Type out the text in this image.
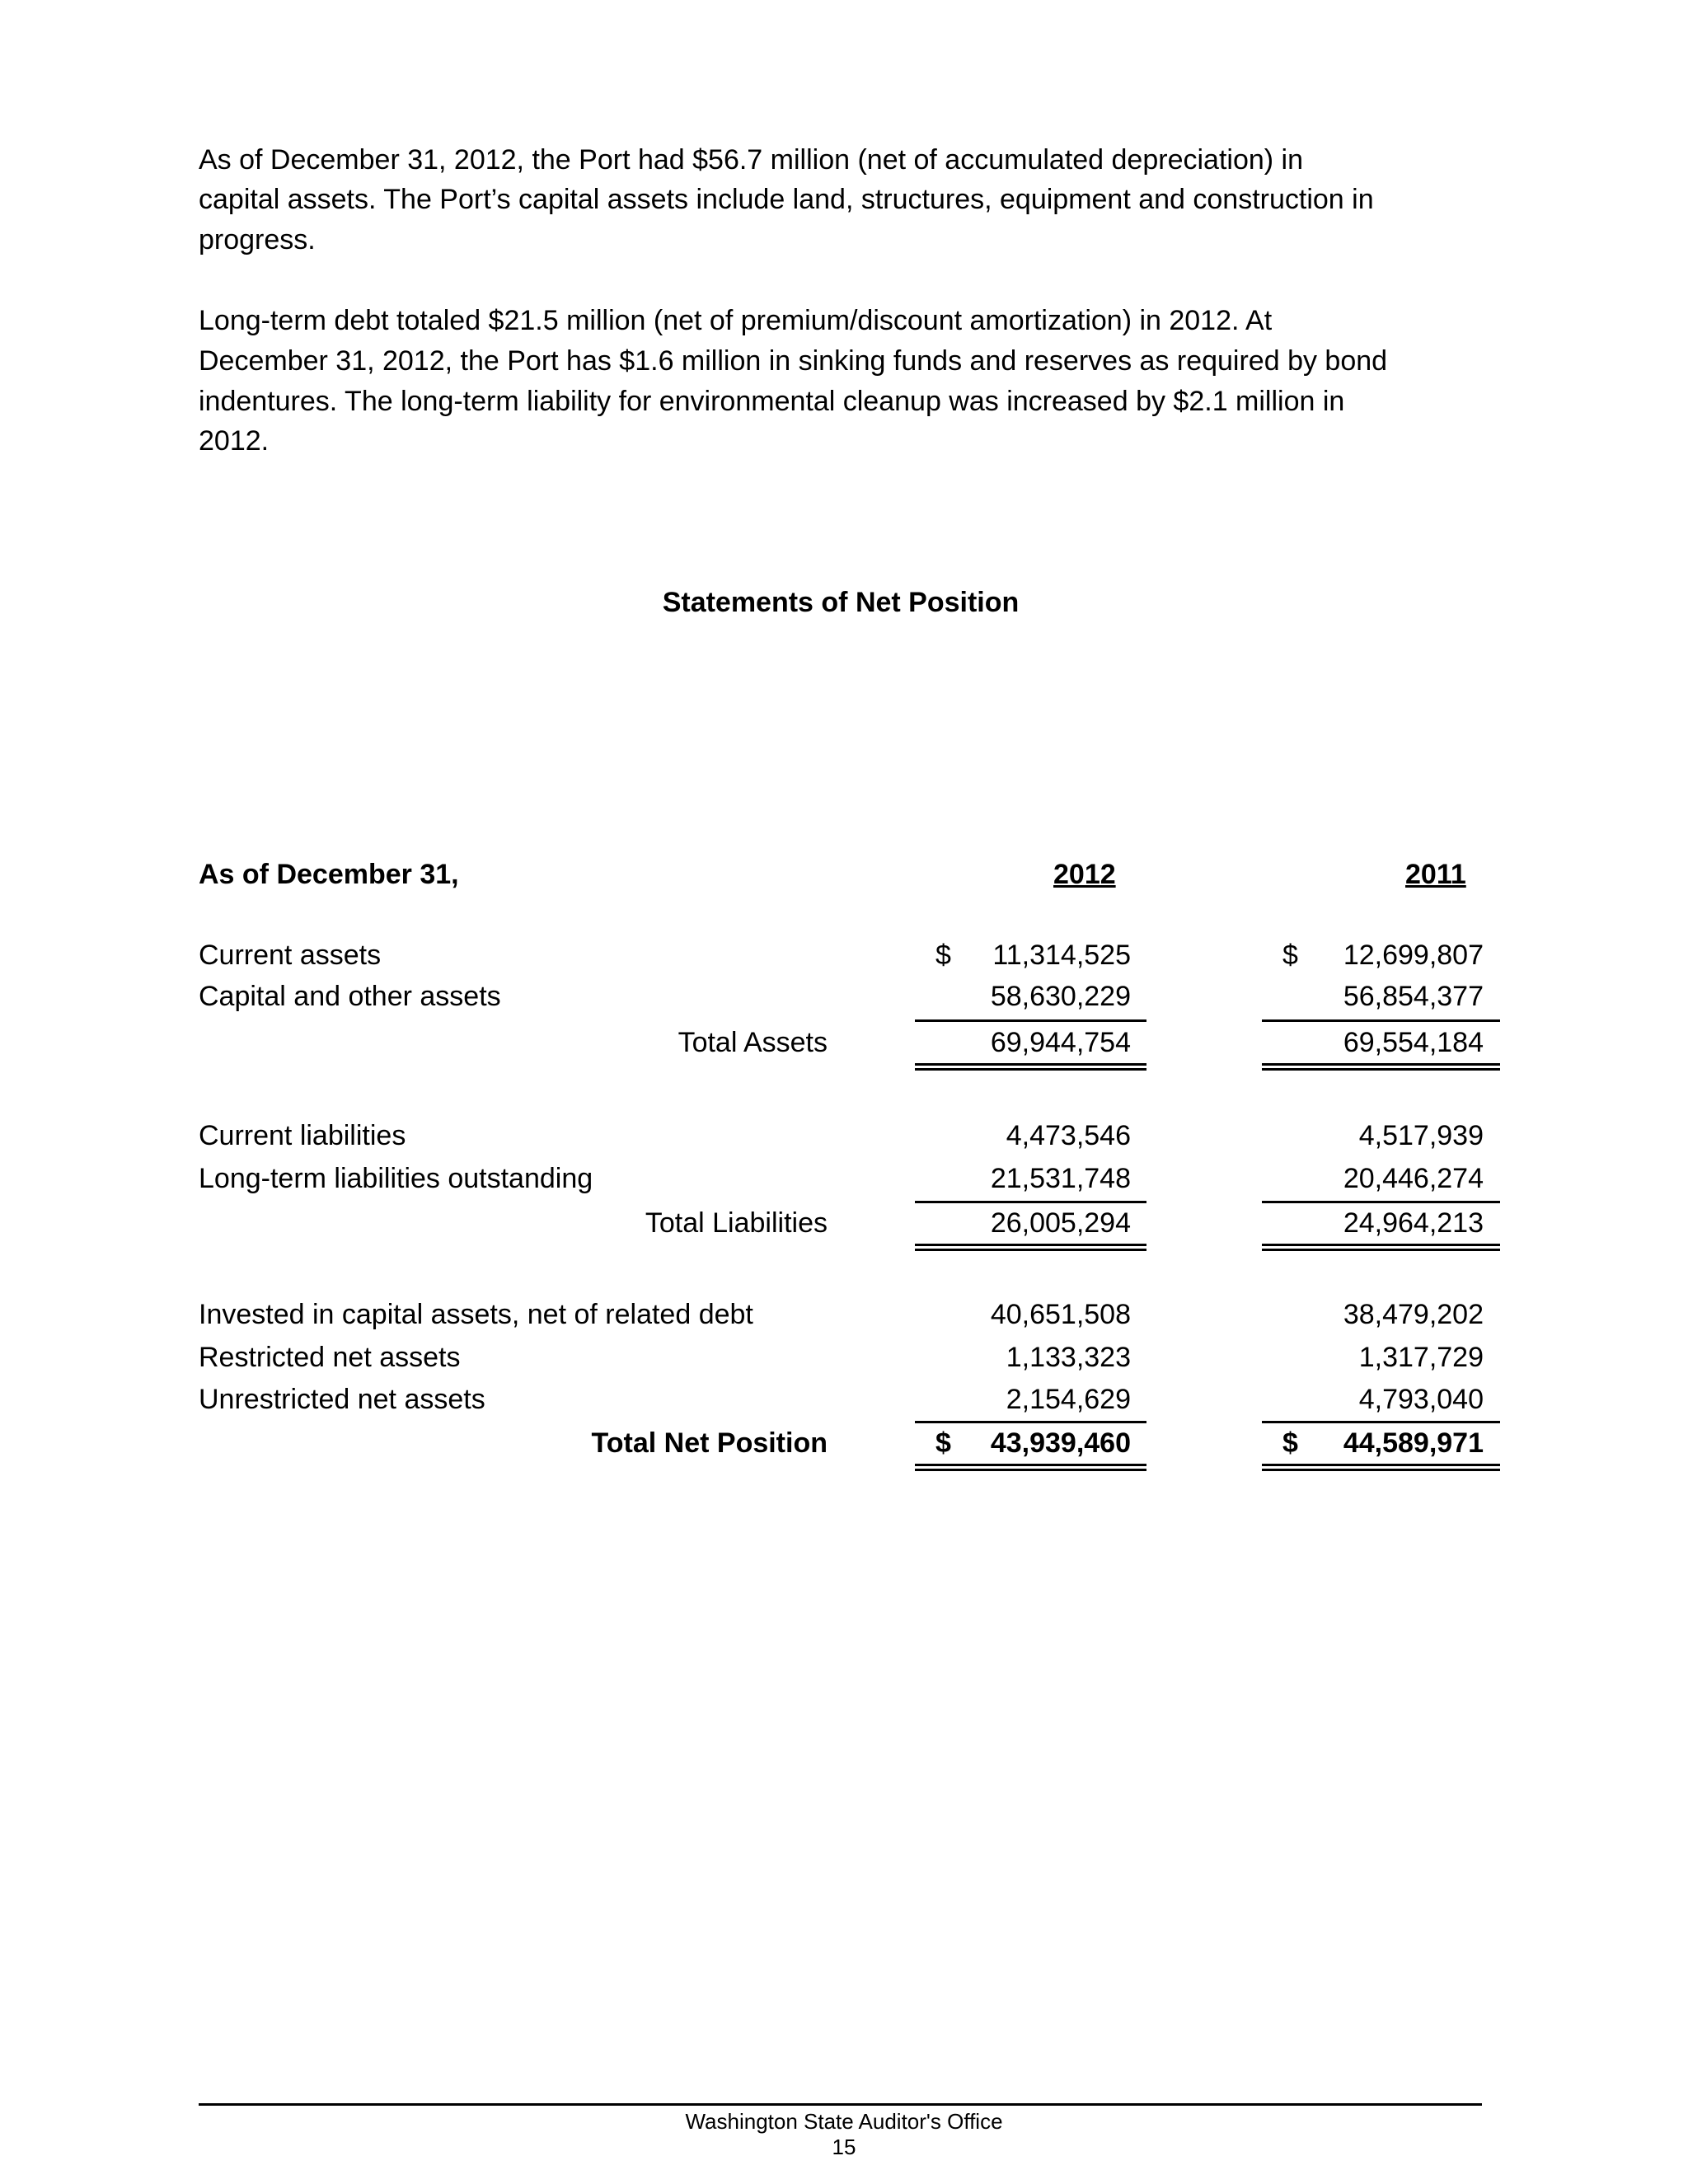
As of December 31, 2012, the Port had $56.7 million (net of accumulated depreciation) in
capital assets. The Port’s capital assets include land, structures, equipment and construction in
progress.
Long-term debt totaled $21.5 million (net of premium/discount amortization) in 2012. At
December 31, 2012, the Port has $1.6 million in sinking funds and reserves as required by bond
indentures. The long-term liability for environmental cleanup was increased by $2.1 million in
2012.
Statements of Net Position
As of December 31,	2012	2011
Current assets	$ 11,314,525	$ 12,699,807
Capital and other assets	58,630,229	56,854,377
Total Assets	69,944,754	69,554,184
Current liabilities	4,473,546	4,517,939
Long-term liabilities outstanding	21,531,748	20,446,274
Total Liabilities	26,005,294	24,964,213
Invested in capital assets, net of related debt	40,651,508	38,479,202
Restricted net assets	1,133,323	1,317,729
Unrestricted net assets	2,154,629	4,793,040
Total Net Position	$ 43,939,460	$ 44,589,971
Washington State Auditor's Office
15
